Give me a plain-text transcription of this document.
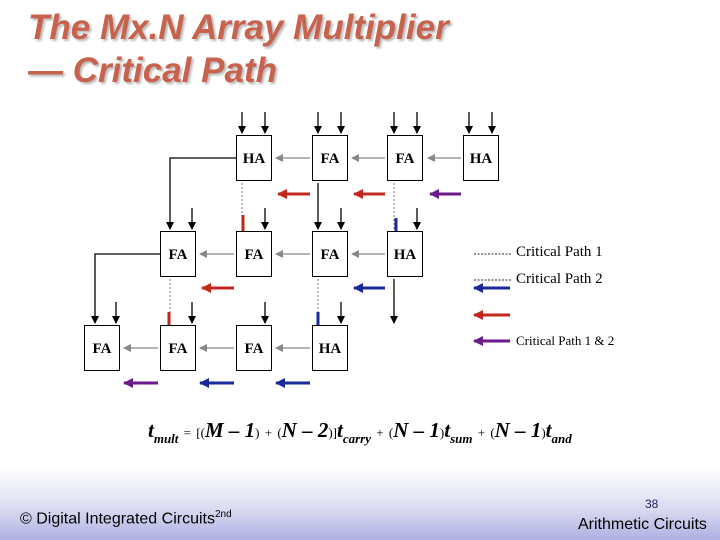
The Mx.N Array Multiplier
— Critical Path
HA	FA	FA	HA
FA	FA	FA	HA
FA	FA	FA	HA
Critical Path 1
Critical Path 2
Critical Path 1 & 2
$t_{mult} = [(M - 1) + (N - 2)]t_{carry} + (N - 1)t_{sum} + (N - 1)t_{and}$
© Digital Integrated Circuits$^{2nd}$
38
Arithmetic Circuits
